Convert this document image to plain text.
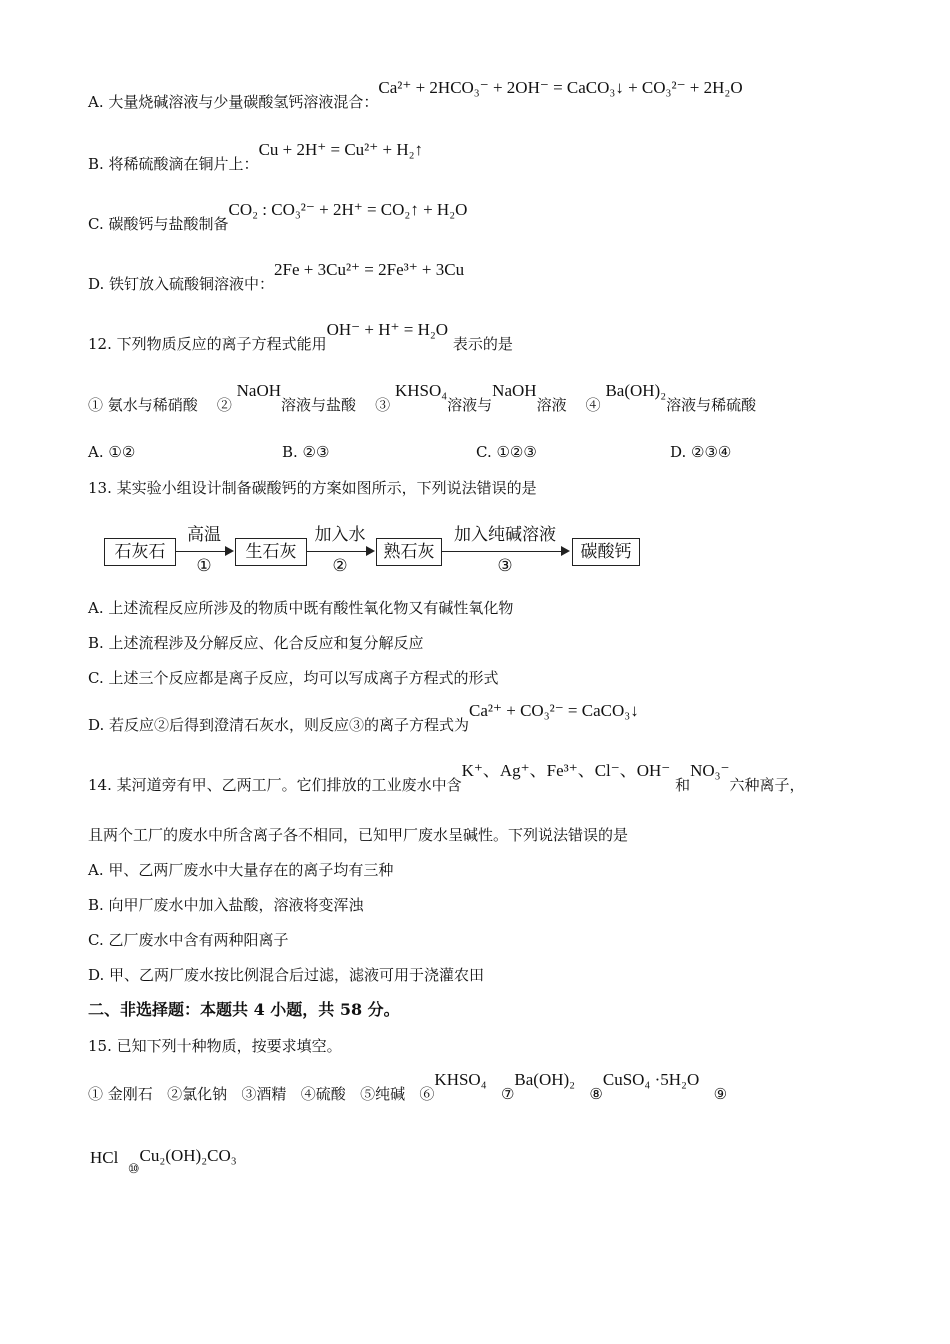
A. 大量烧碱溶液与少量碳酸氢钙溶液混合：Ca²⁺ + 2HCO₃⁻ + 2OH⁻ = CaCO₃↓ + CO₃²⁻ + 2H₂O
B. 将稀硫酸滴在铜片上：Cu + 2H⁺ = Cu²⁺ + H₂↑
C. 碳酸钙与盐酸制备CO₂ : CO₃²⁻ + 2H⁺ = CO₂↑ + H₂O
D. 铁钉放入硫酸铜溶液中：2Fe + 3Cu²⁺ = 2Fe³⁺ + 3Cu
12. 下列物质反应的离子方程式能用OH⁻ + H⁺ = H₂O 表示的是
① 氨水与稀硝酸 ② NaOH溶液与盐酸 ③ KHSO₄溶液与NaOH溶液 ④ Ba(OH)₂溶液与稀硫酸
A. ①②	B. ②③	C. ①②③	D. ②③④
13. 某实验小组设计制备碳酸钙的方案如图所示，下列说法错误的是
石灰石
高温
①
生石灰
加入水
②
熟石灰
加入纯碱溶液
③
碳酸钙
A. 上述流程反应所涉及的物质中既有酸性氧化物又有碱性氧化物
B. 上述流程涉及分解反应、化合反应和复分解反应
C. 上述三个反应都是离子反应，均可以写成离子方程式的形式
D. 若反应②后得到澄清石灰水，则反应③的离子方程式为Ca²⁺ + CO₃²⁻ = CaCO₃↓
14. 某河道旁有甲、乙两工厂。它们排放的工业废水中含K⁺、Ag⁺、Fe³⁺、Cl⁻、OH⁻ 和NO₃⁻六种离子，
且两个工厂的废水中所含离子各不相同，已知甲厂废水呈碱性。下列说法错误的是
A. 甲、乙两厂废水中大量存在的离子均有三种
B. 向甲厂废水中加入盐酸，溶液将变浑浊
C. 乙厂废水中含有两种阳离子
D. 甲、乙两厂废水按比例混合后过滤，滤液可用于浇灌农田
二、非选择题：本题共 4 小题，共 58 分。
15. 已知下列十种物质，按要求填空。
① 金刚石 ②氯化钠 ③酒精 ④硫酸 ⑤纯碱 ⑥KHSO₄   ⑦Ba(OH)₂   ⑧CuSO₄ ·5H₂O   ⑨
HCl  ⑩Cu₂(OH)₂CO₃
